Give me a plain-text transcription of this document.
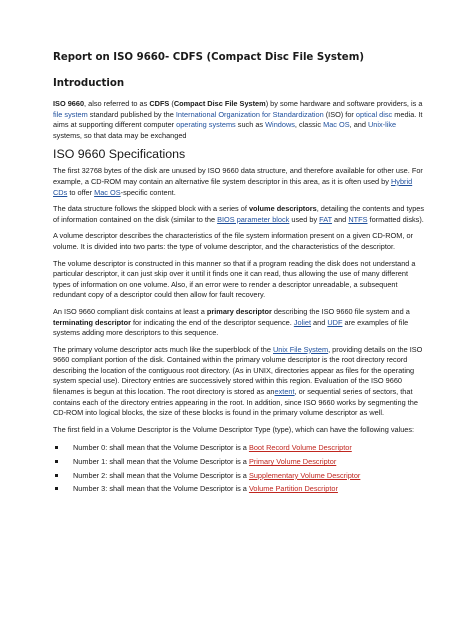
Report on ISO 9660- CDFS (Compact Disc File System)
Introduction

ISO 9660, also referred to as CDFS (Compact Disc File System) by some hardware and software providers, is a file system standard published by the International Organization for Standardization (ISO) for optical disc media. It aims at supporting different computer operating systems such as Windows, classic Mac OS, and Unix-like systems, so that data may be exchanged

ISO 9660 Specifications

The first 32768 bytes of the disk are unused by ISO 9660 data structure, and therefore available for other use. For example, a CD-ROM may contain an alternative file system descriptor in this area, as it is often used by Hybrid CDs to offer Mac OS-specific content.

The data structure follows the skipped block with a series of volume descriptors, detailing the contents and types of information contained on the disk (similar to the BIOS parameter block used by FAT and NTFS formatted disks).

A volume descriptor describes the characteristics of the file system information present on a given CD-ROM, or volume. It is divided into two parts: the type of volume descriptor, and the characteristics of the descriptor.

The volume descriptor is constructed in this manner so that if a program reading the disk does not understand a particular descriptor, it can just skip over it until it finds one it can read, thus allowing the use of many different types of information on one volume. Also, if an error were to render a descriptor unreadable, a subsequent redundant copy of a descriptor could then allow for fault recovery.

An ISO 9660 compliant disk contains at least a primary descriptor describing the ISO 9660 file system and a terminating descriptor for indicating the end of the descriptor sequence. Joliet and UDF are examples of file systems adding more descriptors to this sequence.

The primary volume descriptor acts much like the superblock of the Unix File System, providing details on the ISO 9660 compliant portion of the disk. Contained within the primary volume descriptor is the root directory record describing the location of the contiguous root directory. (As in UNIX, directories appear as files for the operating system special use). Directory entries are successively stored within this region. Evaluation of the ISO 9660 filenames is begun at this location. The root directory is stored as anextent, or sequential series of sectors, that contains each of the directory entries appearing in the root. In addition, since ISO 9660 works by segmenting the CD-ROM into logical blocks, the size of these blocks is found in the primary volume descriptor as well.

The first field in a Volume Descriptor is the Volume Descriptor Type (type), which can have the following values:

Number 0: shall mean that the Volume Descriptor is a Boot Record Volume Descriptor
Number 1: shall mean that the Volume Descriptor is a Primary Volume Descriptor
Number 2: shall mean that the Volume Descriptor is a Supplementary Volume Descriptor
Number 3: shall mean that the Volume Descriptor is a Volume Partition Descriptor
